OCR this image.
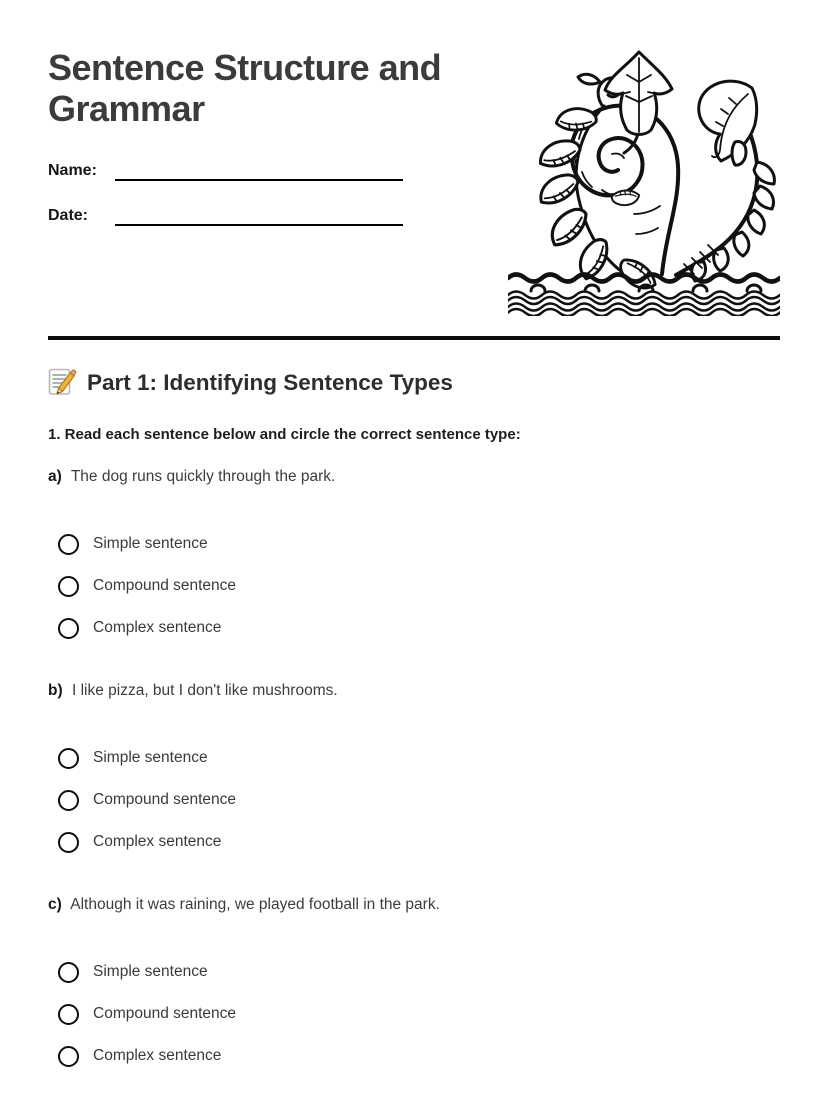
Sentence Structure and Grammar
Name:
Date:
Part 1: Identifying Sentence Types

1. Read each sentence below and circle the correct sentence type:

a) The dog runs quickly through the park.

Simple sentence
Compound sentence
Complex sentence

b) I like pizza, but I don't like mushrooms.

Simple sentence
Compound sentence
Complex sentence

c) Although it was raining, we played football in the park.

Simple sentence
Compound sentence
Complex sentence
